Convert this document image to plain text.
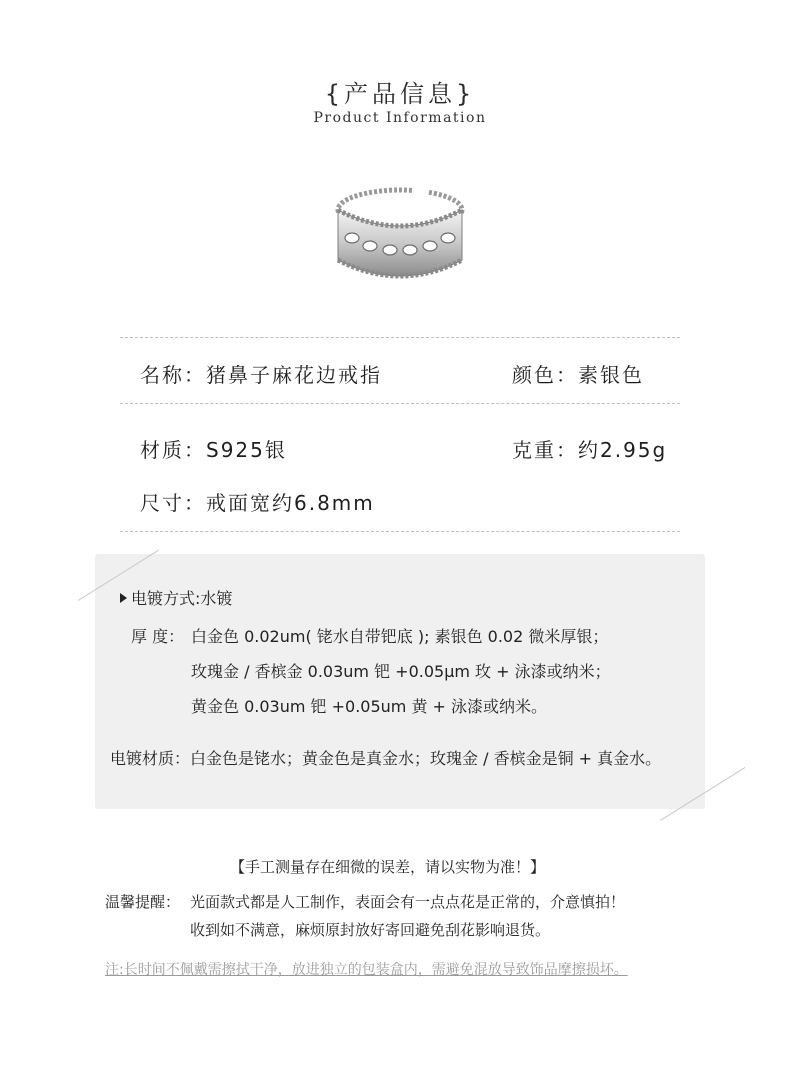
{产品信息}
Product Information
名称：猪鼻子麻花边戒指	颜色：素银色
材质：S925银	克重：约2.95g
尺寸：戒面宽约6.8mm
电镀方式:水镀
厚 度： 白金色 0.02um( 铑水自带钯底 ); 素银色 0.02 微米厚银；
玫瑰金 / 香槟金 0.03um 钯 +0.05μm 玫 + 泳漆或纳米；
黄金色 0.03um 钯 +0.05um 黄 + 泳漆或纳米。
电镀材质：白金色是铑水；黄金色是真金水；玫瑰金 / 香槟金是铜 + 真金水。
【手工测量存在细微的误差，请以实物为准！】
温馨提醒： 光面款式都是人工制作，表面会有一点点花是正常的，介意慎拍！
收到如不满意，麻烦原封放好寄回避免刮花影响退货。
注:长时间不佩戴需擦拭干净，放进独立的包装盒内，需避免混放导致饰品摩擦损坏。
